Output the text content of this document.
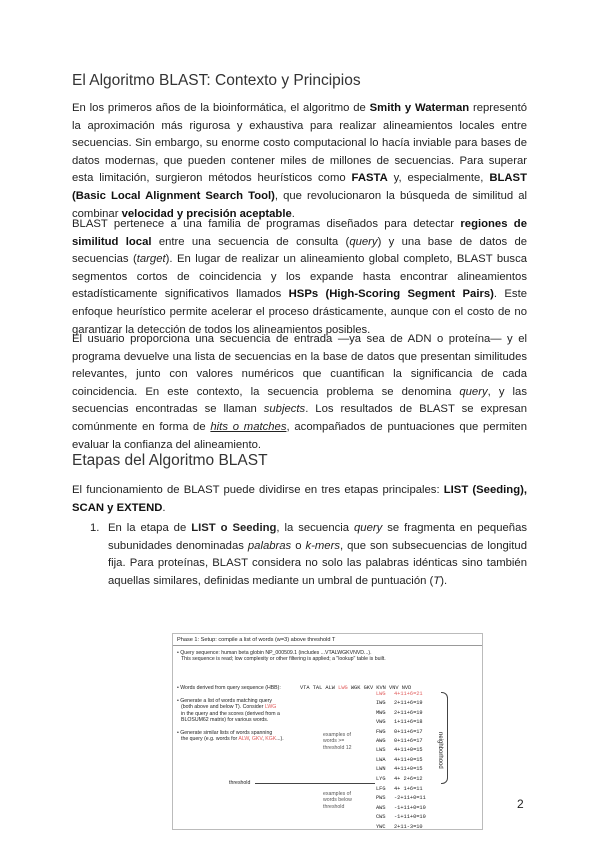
El Algoritmo BLAST: Contexto y Principios

En los primeros años de la bioinformática, el algoritmo de Smith y Waterman representó la aproximación más rigurosa y exhaustiva para realizar alineamientos locales entre secuencias. Sin embargo, su enorme costo computacional lo hacía inviable para bases de datos modernas, que pueden contener miles de millones de secuencias. Para superar esta limitación, surgieron métodos heurísticos como FASTA y, especialmente, BLAST (Basic Local Alignment Search Tool), que revolucionaron la búsqueda de similitud al combinar velocidad y precisión aceptable.

BLAST pertenece a una familia de programas diseñados para detectar regiones de similitud local entre una secuencia de consulta (query) y una base de datos de secuencias (target). En lugar de realizar un alineamiento global completo, BLAST busca segmentos cortos de coincidencia y los expande hasta encontrar alineamientos estadísticamente significativos llamados HSPs (High-Scoring Segment Pairs). Este enfoque heurístico permite acelerar el proceso drásticamente, aunque con el costo de no garantizar la detección de todos los alineamientos posibles.

El usuario proporciona una secuencia de entrada —ya sea de ADN o proteína— y el programa devuelve una lista de secuencias en la base de datos que presentan similitudes relevantes, junto con valores numéricos que cuantifican la significancia de cada coincidencia. En este contexto, la secuencia problema se denomina query, y las secuencias encontradas se llaman subjects. Los resultados de BLAST se expresan comúnmente en forma de hits o matches, acompañados de puntuaciones que permiten evaluar la confianza del alineamiento.

Etapas del Algoritmo BLAST

El funcionamiento de BLAST puede dividirse en tres etapas principales: LIST (Seeding), SCAN y EXTEND.

1. En la etapa de LIST o Seeding, la secuencia query se fragmenta en pequeñas subunidades denominadas palabras o k-mers, que son subsecuencias de longitud fija. Para proteínas, BLAST considera no solo las palabras idénticas sino también aquellas similares, definidas mediante un umbral de puntuación (T).

Phase 1: Setup: compile a list of words (w=3) above threshold T
• Query sequence: human beta globin NP_000509.1 (includes ...VTALWGKVNVD...).
This sequence is read; low complexity or other filtering is applied; a "lookup" table is built.
• Words derived from query sequence (HBB):	VTA TAL ALW LWG WGK GKV KVN VNV NVD
• Generate a list of words matching query
(both above and below T). Consider LWG
in the query and the scores (derived from a
BLOSUM62 matrix) for various words.
• Generate similar lists of words spanning
the query (e.g. words for ALW, GKV, KGK...).
examples of
words >=
threshold 12
examples of
words below
threshold
threshold
LWG 4+11+6=21
IWG 2+11+6=19
MWG 2+11+6=19
VWG 1+11+6=18
FWG 0+11+6=17
AWG 0+11+6=17
LWS 4+11+0=15
LWA 4+11+0=15
LWN 4+11+0=15
LYG 4+ 2+6=12
LFG 4+ 1+6=11
PWS -2+11+0=11
AWS -1+11+0=10
CWS -1+11+0=10
YWC 2+11-3=10
neighborhood
2
